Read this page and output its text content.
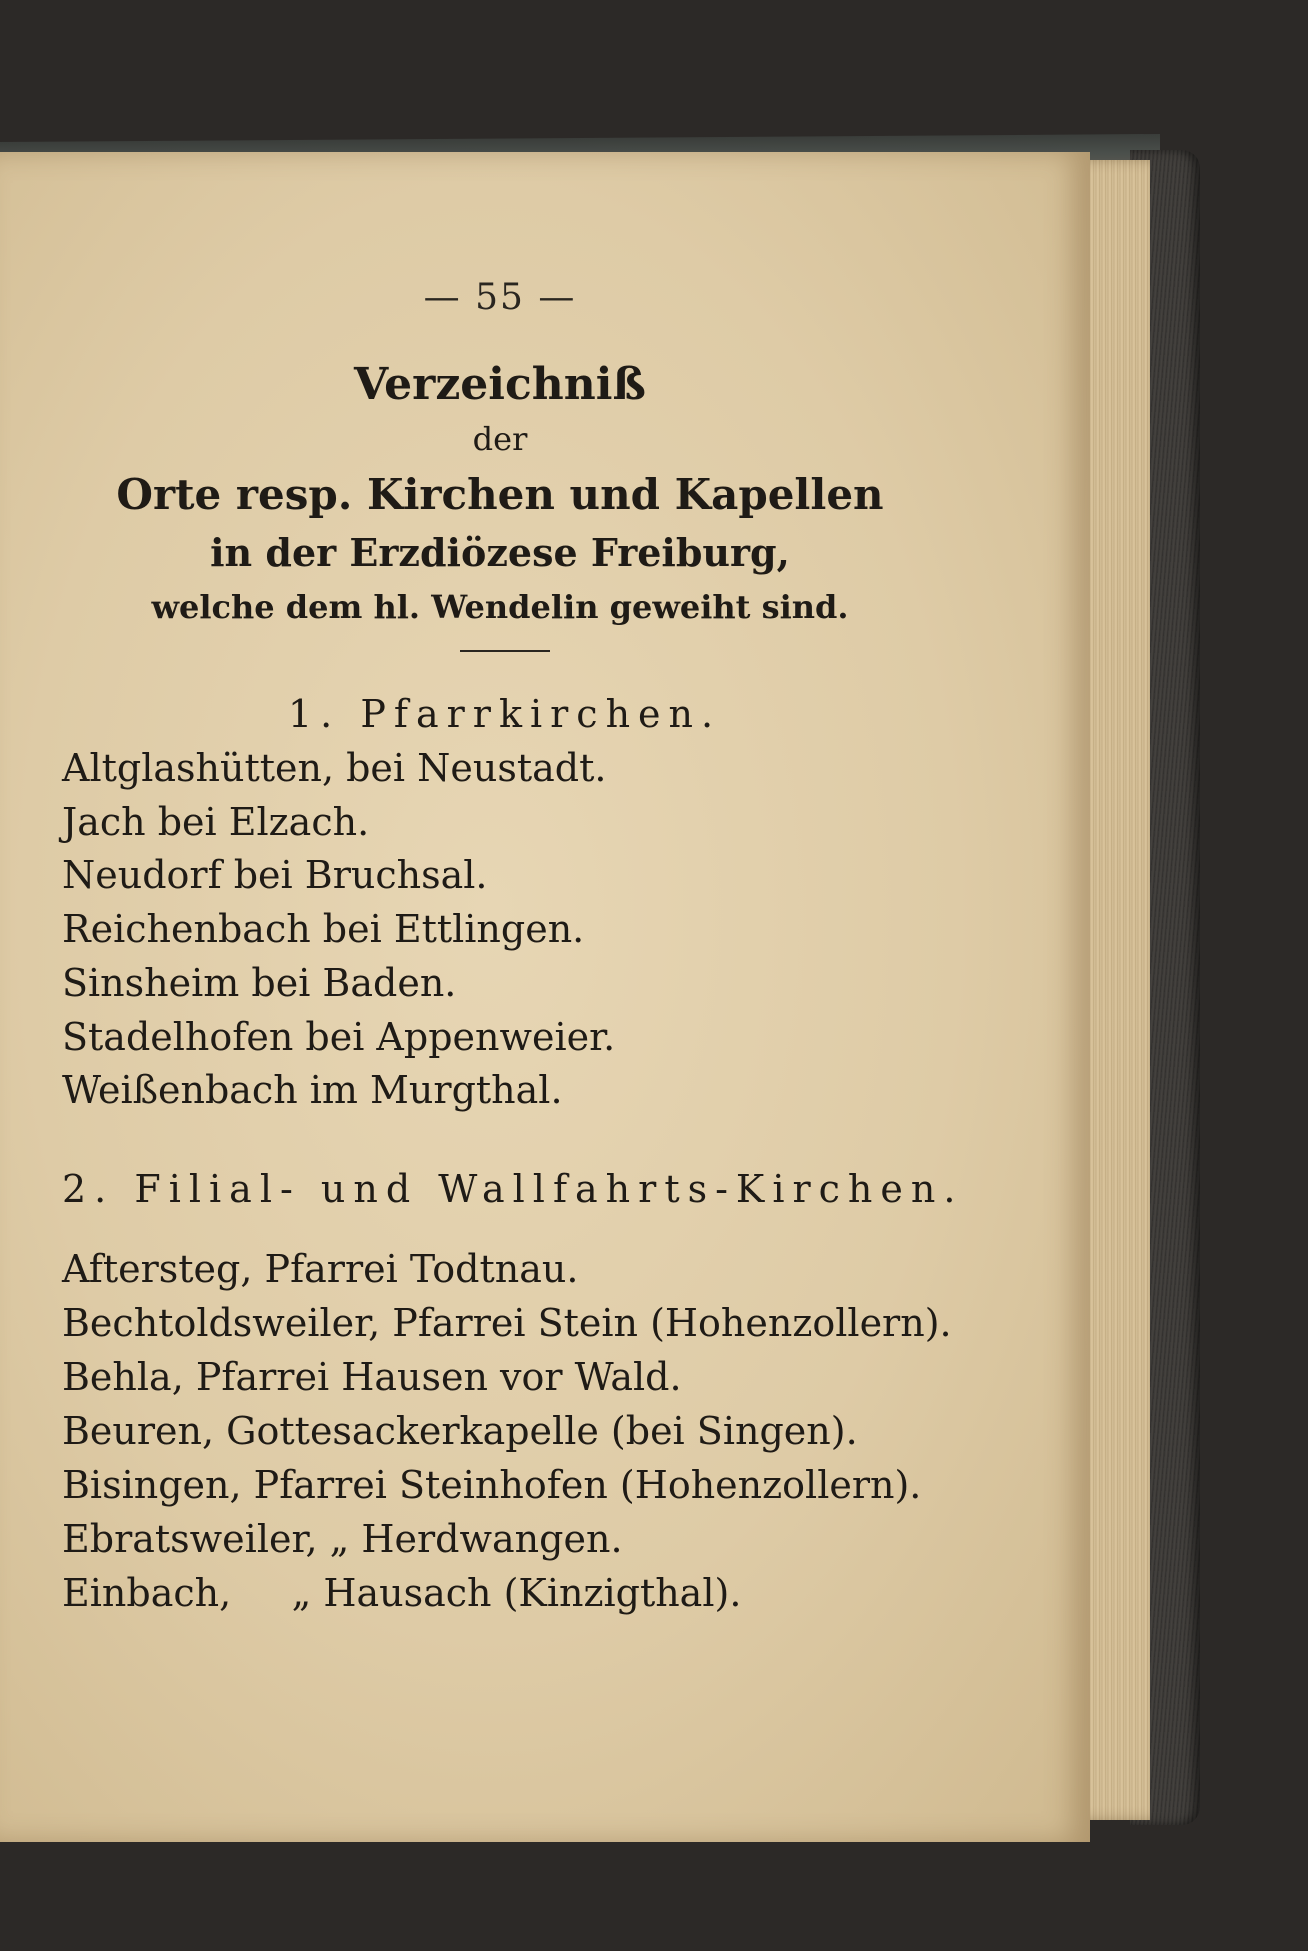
— 55 —

Verzeichniß

der

Orte resp. Kirchen und Kapellen

in der Erzdiözese Freiburg,

welche dem hl. Wendelin geweiht sind.

1. Pfarrkirchen.
Altglashütten, bei Neustadt.
Jach bei Elzach.
Neudorf bei Bruchsal.
Reichenbach bei Ettlingen.
Sinsheim bei Baden.
Stadelhofen bei Appenweier.
Weißenbach im Murgthal.
2. Filial- und Wallfahrts-Kirchen.
Aftersteg, Pfarrei Todtnau.
Bechtoldsweiler, Pfarrei Stein (Hohenzollern).
Behla, Pfarrei Hausen vor Wald.
Beuren, Gottesackerkapelle (bei Singen).
Bisingen, Pfarrei Steinhofen (Hohenzollern).
Ebratsweiler, „ Herdwangen.
Einbach,     „ Hausach (Kinzigthal).
